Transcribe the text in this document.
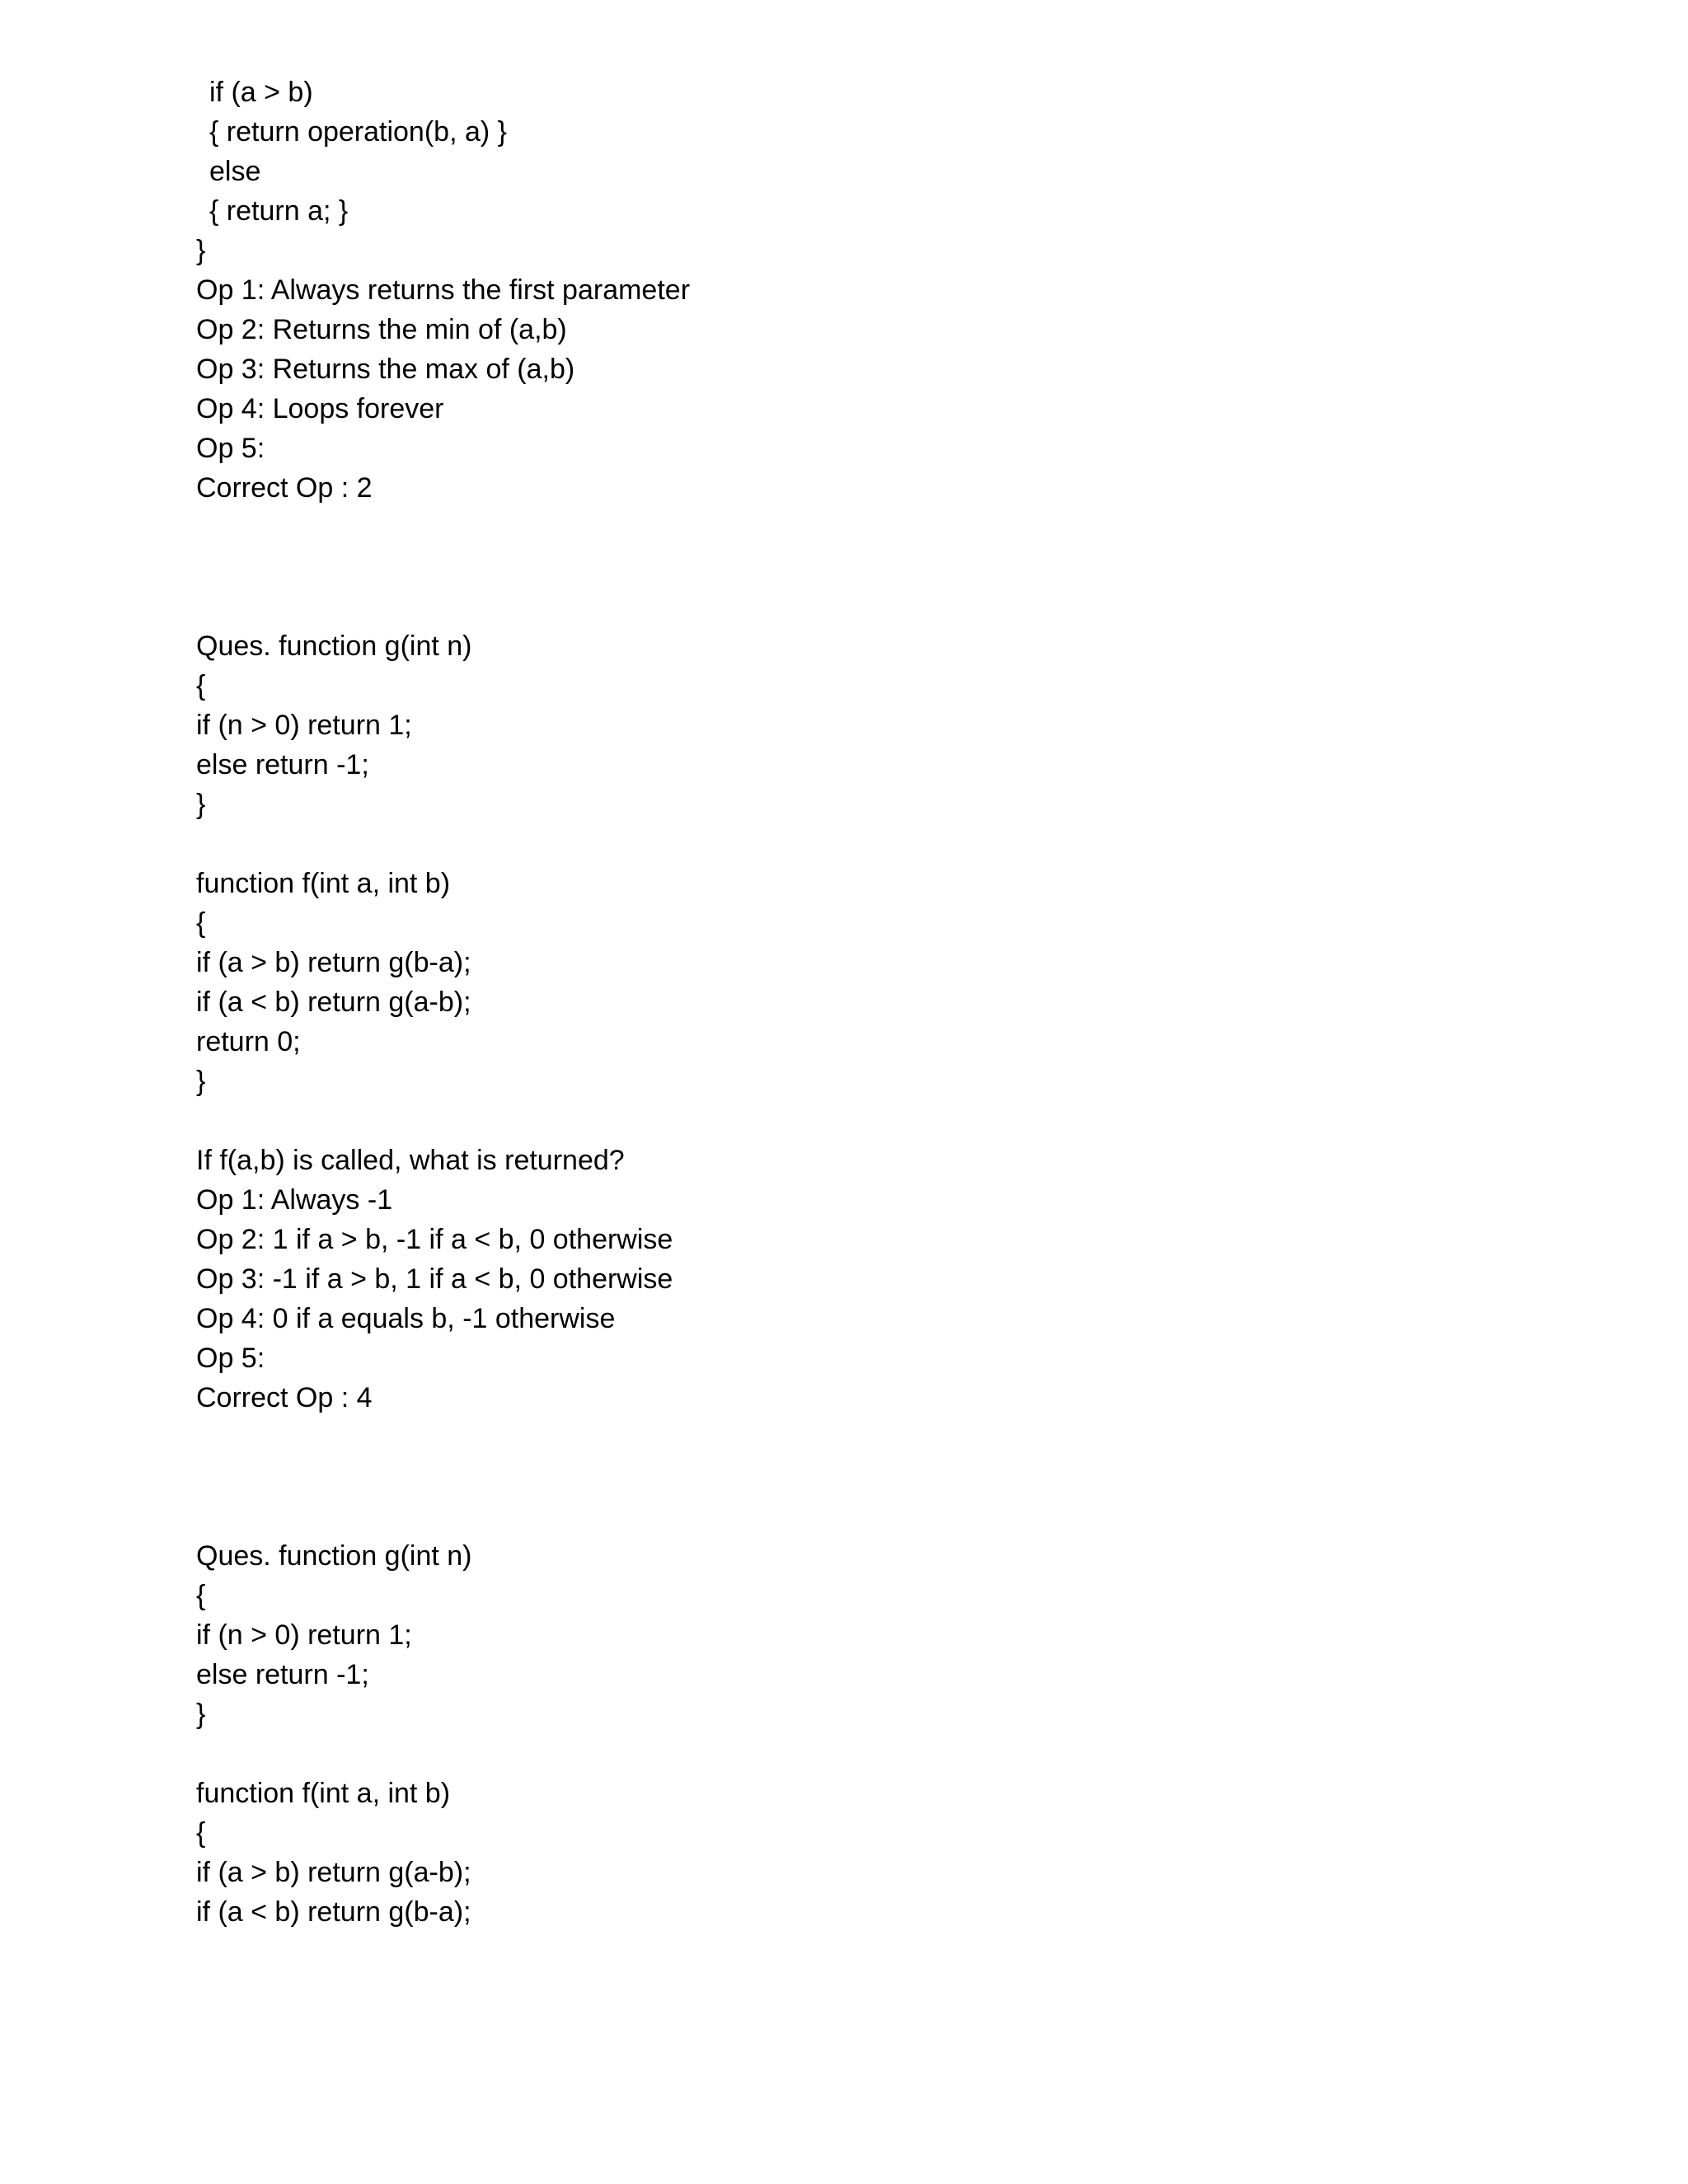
if (a > b)
{ return operation(b, a) }
else
{ return a; }
}
Op 1: Always returns the first parameter
Op 2: Returns the min of (a,b)
Op 3: Returns the max of (a,b)
Op 4: Loops forever
Op 5:
Correct Op : 2
Ques. function g(int n)
{
if (n > 0) return 1;
else return -1;
}
function f(int a, int b)
{
if (a > b) return g(b-a);
if (a < b) return g(a-b);
return 0;
}
If f(a,b) is called, what is returned?
Op 1: Always -1
Op 2: 1 if a > b, -1 if a < b, 0 otherwise
Op 3: -1 if a > b, 1 if a < b, 0 otherwise
Op 4: 0 if a equals b, -1 otherwise
Op 5:
Correct Op : 4
Ques. function g(int n)
{
if (n > 0) return 1;
else return -1;
}
function f(int a, int b)
{
if (a > b) return g(a-b);
if (a < b) return g(b-a);
